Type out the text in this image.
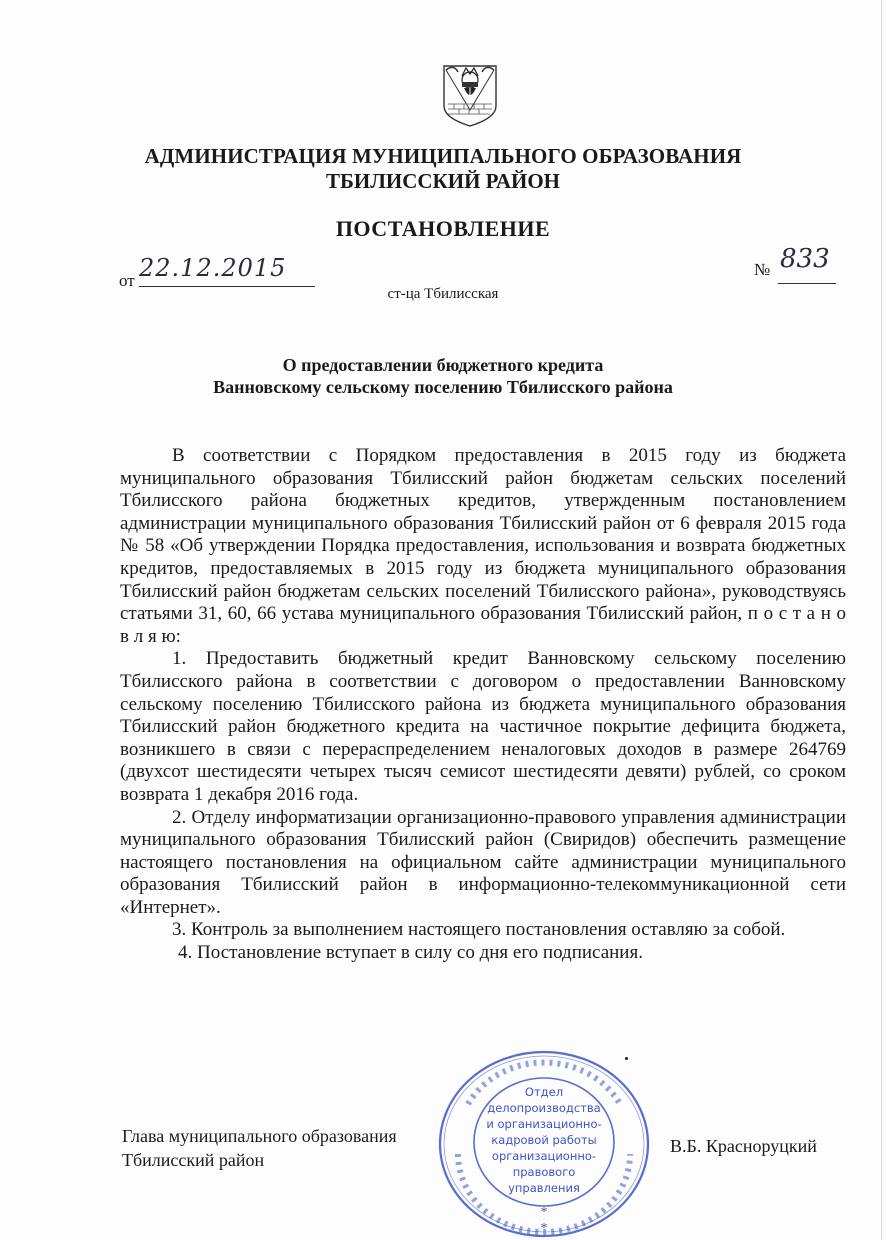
АДМИНИСТРАЦИЯ МУНИЦИПАЛЬНОГО ОБРАЗОВАНИЯ
ТБИЛИССКИЙ РАЙОН
ПОСТАНОВЛЕНИЕ
от 22.12.2015	№ 833
ст-ца Тбилисская
О предоставлении бюджетного кредита
Ванновскому сельскому поселению Тбилисского района

В соответствии с Порядком предоставления в 2015 году из бюджета муниципального образования Тбилисский район бюджетам сельских поселений Тбилисского района бюджетных кредитов, утвержденным постановлением администрации муниципального образования Тбилисский район от 6 февраля 2015 года № 58 «Об утверждении Порядка предоставления, использования и возврата бюджетных кредитов, предоставляемых в 2015 году из бюджета муниципального образования Тбилисский район бюджетам сельских поселений Тбилисского района», руководствуясь статьями 31, 60, 66 устава муниципального образования Тбилисский район, п о с т а н о в л я ю:

1. Предоставить бюджетный кредит Ванновскому сельскому поселению Тбилисского района в соответствии с договором о предоставлении Ванновскому сельскому поселению Тбилисского района из бюджета муниципального образования Тбилисский район бюджетного кредита на частичное покрытие дефицита бюджета, возникшего в связи с перераспределением неналоговых доходов в размере 264769 (двухсот шестидесяти четырех тысяч семисот шестидесяти девяти) рублей, со сроком возврата 1 декабря 2016 года.

2. Отделу информатизации организационно-правового управления администрации муниципального образования Тбилисский район (Свиридов) обеспечить размещение настоящего постановления на официальном сайте администрации муниципального образования Тбилисский район в информационно-телекоммуникационной сети «Интернет».

3. Контроль за выполнением настоящего постановления оставляю за собой.

4. Постановление вступает в силу со дня его подписания.

Глава муниципального образования
Тбилисский район
В.Б. Красноруцкий
*
*
Отдел
делопроизводства
и организационно-
кадровой работы
организационно-
правового
управления
